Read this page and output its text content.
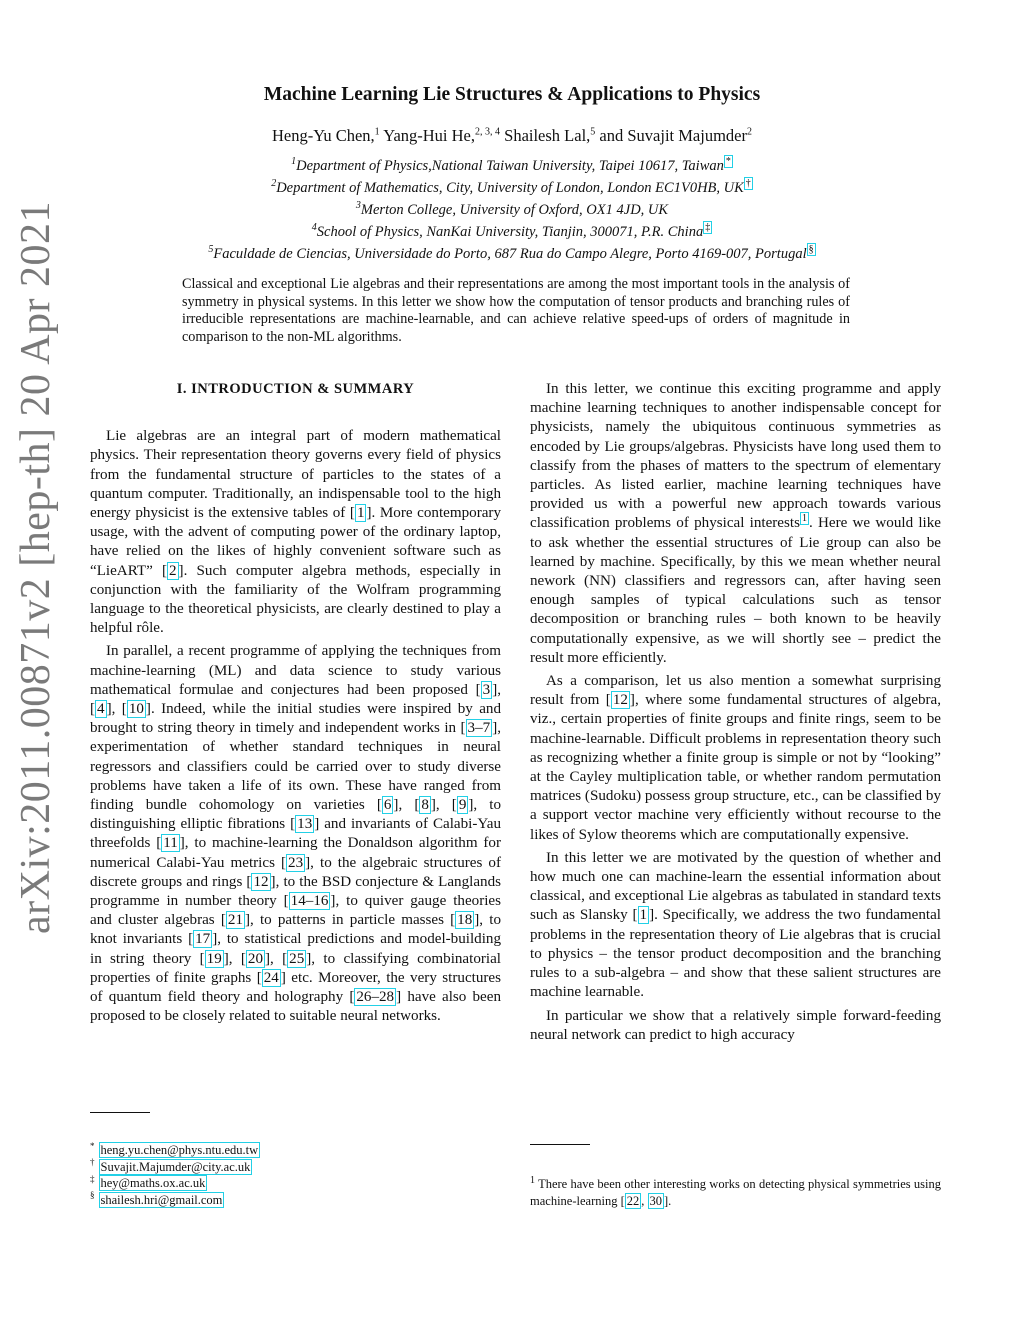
arXiv:2011.00871v2 [hep-th] 20 Apr 2021
Machine Learning Lie Structures & Applications to Physics
Heng-Yu Chen,$^1$ Yang-Hui He,$^{2, 3, 4}$ Shailesh Lal,$^5$ and Suvajit Majumder$^2$
$^1$Department of Physics,National Taiwan University, Taipei 10617, Taiwan *
$^2$Department of Mathematics, City, University of London, London EC1V0HB, UK †
$^3$Merton College, University of Oxford, OX1 4JD, UK
$^4$School of Physics, NanKai University, Tianjin, 300071, P.R. China ‡
$^5$Faculdade de Ciencias, Universidade do Porto, 687 Rua do Campo Alegre, Porto 4169-007, Portugal §
Classical and exceptional Lie algebras and their representations are among the most important tools in the analysis of symmetry in physical systems. In this letter we show how the computation of tensor products and branching rules of irreducible representations are machine-learnable, and can achieve relative speed-ups of orders of magnitude in comparison to the non-ML algorithms.
I. INTRODUCTION & SUMMARY

Lie algebras are an integral part of modern mathematical physics. Their representation theory governs every field of physics from the fundamental structure of particles to the states of a quantum computer. Traditionally, an indispensable tool to the high energy physicist is the extensive tables of [ 1 ]. More contemporary usage, with the advent of computing power of the ordinary laptop, have relied on the likes of highly convenient software such as “LieART” [ 2 ]. Such computer algebra methods, especially in conjunction with the familiarity of the Wolfram programming language to the theoretical physicists, are clearly destined to play a helpful rôle.

In parallel, a recent programme of applying the techniques from machine-learning (ML) and data science to study various mathematical formulae and conjectures had been proposed [ 3 ], [ 4 ], [ 10 ]. Indeed, while the initial studies were inspired by and brought to string theory in timely and independent works in [ 3–7 ], experimentation of whether standard techniques in neural regressors and classifiers could be carried over to study diverse problems have taken a life of its own. These have ranged from finding bundle cohomology on varieties [ 6 ], [ 8 ], [ 9 ], to distinguishing elliptic fibrations [ 13 ] and invariants of Calabi-Yau threefolds [ 11 ], to machine-learning the Donaldson algorithm for numerical Calabi-Yau metrics [ 23 ], to the algebraic structures of discrete groups and rings [ 12 ], to the BSD conjecture & Langlands programme in number theory [ 14–16 ], to quiver gauge theories and cluster algebras [ 21 ], to patterns in particle masses [ 18 ], to knot invariants [ 17 ], to statistical predictions and model-building in string theory [ 19 ], [ 20 ], [ 25 ], to classifying combinatorial properties of finite graphs [ 24 ] etc. Moreover, the very structures of quantum field theory and holography [ 26–28 ] have also been proposed to be closely related to suitable neural networks.

* heng.yu.chen@phys.ntu.edu.tw
† Suvajit.Majumder@city.ac.uk
‡ hey@maths.ox.ac.uk
§ shailesh.hri@gmail.com

In this letter, we continue this exciting programme and apply machine learning techniques to another indispensable concept for physicists, namely the ubiquitous continuous symmetries as encoded by Lie groups/algebras. Physicists have long used them to classify from the phases of matters to the spectrum of elementary particles. As listed earlier, machine learning techniques have provided us with a powerful new approach towards various classification problems of physical interests $^1$ . Here we would like to ask whether the essential structures of Lie group can also be learned by machine. Specifically, by this we mean whether neural nework (NN) classifiers and regressors can, after having seen enough samples of typical calculations such as tensor decomposition or branching rules – both known to be heavily computationally expensive, as we will shortly see – predict the result more efficiently.

As a comparison, let us also mention a somewhat surprising result from [ 12 ], where some fundamental structures of algebra, viz., certain properties of finite groups and finite rings, seem to be machine-learnable. Difficult problems in representation theory such as recognizing whether a finite group is simple or not by “looking” at the Cayley multiplication table, or whether random permutation matrices (Sudoku) possess group structure, etc., can be classified by a support vector machine very efficiently without recourse to the likes of Sylow theorems which are computationally expensive.

In this letter we are motivated by the question of whether and how much one can machine-learn the essential information about classical, and exceptional Lie algebras as tabulated in standard texts such as Slansky [ 1 ]. Specifically, we address the two fundamental problems in the representation theory of Lie algebras that is crucial to physics – the tensor product decomposition and the branching rules to a sub-algebra – and show that these salient structures are machine learnable.

In particular we show that a relatively simple forward-feeding neural network can predict to high accuracy

$^1$ There have been other interesting works on detecting physical symmetries using machine-learning [ 22 , 30 ].
